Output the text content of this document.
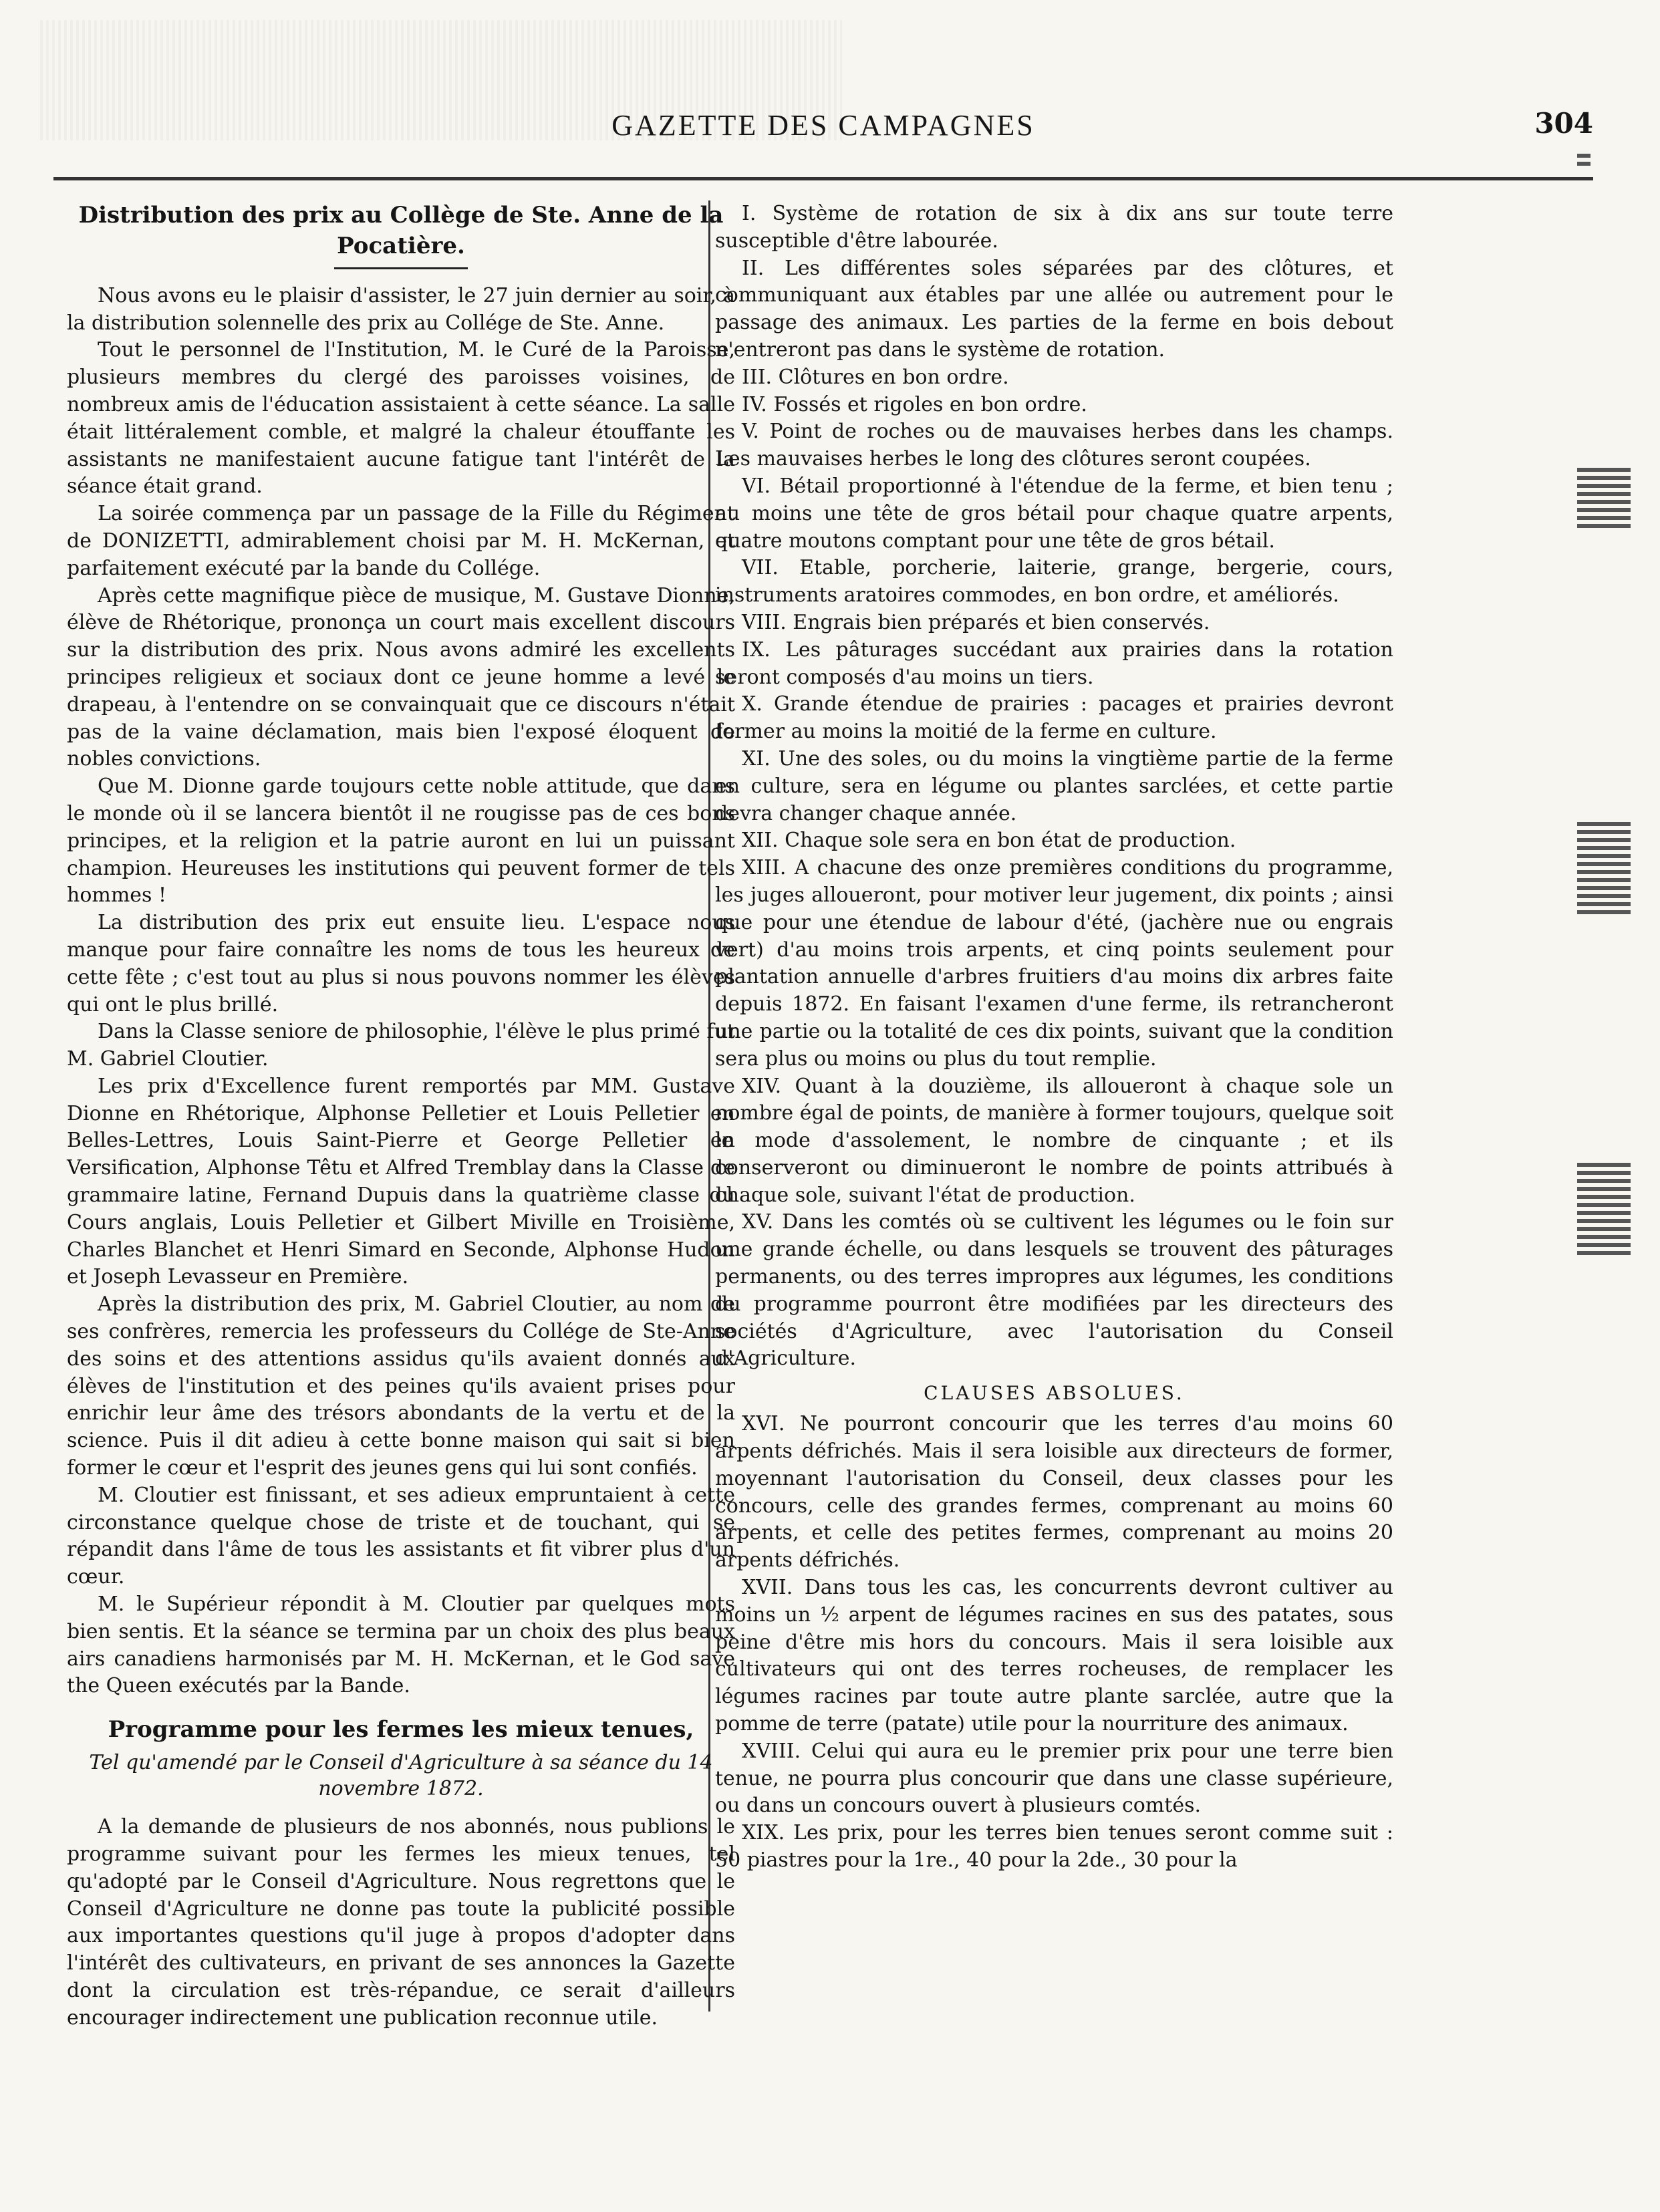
GAZETTE DES CAMPAGNES	304
Distribution des prix au Collège de Ste. Anne de la Pocatière.

Nous avons eu le plaisir d'assister, le 27 juin dernier au soir, à la distribution solennelle des prix au Collége de Ste. Anne.

Tout le personnel de l'Institution, M. le Curé de la Paroisse, plusieurs membres du clergé des paroisses voisines, de nombreux amis de l'éducation assistaient à cette séance. La salle était littéralement comble, et malgré la chaleur étouffante les assistants ne manifestaient aucune fatigue tant l'intérêt de la séance était grand.

La soirée commença par un passage de la Fille du Régiment de DONIZETTI, admirablement choisi par M. H. McKernan, et parfaitement exécuté par la bande du Collége.

Après cette magnifique pièce de musique, M. Gustave Dionne, élève de Rhétorique, prononça un court mais excellent discours sur la distribution des prix. Nous avons admiré les excellents principes religieux et sociaux dont ce jeune homme a levé le drapeau, à l'entendre on se convainquait que ce discours n'était pas de la vaine déclamation, mais bien l'exposé éloquent de nobles convictions.

Que M. Dionne garde toujours cette noble attitude, que dans le monde où il se lancera bientôt il ne rougisse pas de ces bons principes, et la religion et la patrie auront en lui un puissant champion. Heureuses les institutions qui peuvent former de tels hommes !

La distribution des prix eut ensuite lieu. L'espace nous manque pour faire connaître les noms de tous les heureux de cette fête ; c'est tout au plus si nous pouvons nommer les élèves qui ont le plus brillé.

Dans la Classe seniore de philosophie, l'élève le plus primé fut M. Gabriel Cloutier.

Les prix d'Excellence furent remportés par MM. Gustave Dionne en Rhétorique, Alphonse Pelletier et Louis Pelletier en Belles-Lettres, Louis Saint-Pierre et George Pelletier en Versification, Alphonse Têtu et Alfred Tremblay dans la Classe de grammaire latine, Fernand Dupuis dans la quatrième classe du Cours anglais, Louis Pelletier et Gilbert Miville en Troisième, Charles Blanchet et Henri Simard en Seconde, Alphonse Hudon et Joseph Levasseur en Première.

Après la distribution des prix, M. Gabriel Cloutier, au nom de ses confrères, remercia les professeurs du Collége de Ste-Anne des soins et des attentions assidus qu'ils avaient donnés aux élèves de l'institution et des peines qu'ils avaient prises pour enrichir leur âme des trésors abondants de la vertu et de la science. Puis il dit adieu à cette bonne maison qui sait si bien former le cœur et l'esprit des jeunes gens qui lui sont confiés.

M. Cloutier est finissant, et ses adieux empruntaient à cette circonstance quelque chose de triste et de touchant, qui se répandit dans l'âme de tous les assistants et fit vibrer plus d'un cœur.

M. le Supérieur répondit à M. Cloutier par quelques mots bien sentis. Et la séance se termina par un choix des plus beaux airs canadiens harmonisés par M. H. McKernan, et le God save the Queen exécutés par la Bande.

Programme pour les fermes les mieux tenues,
Tel qu'amendé par le Conseil d'Agriculture à sa séance du 14 novembre 1872.

A la demande de plusieurs de nos abonnés, nous publions le programme suivant pour les fermes les mieux tenues, tel qu'adopté par le Conseil d'Agriculture. Nous regrettons que le Conseil d'Agriculture ne donne pas toute la publicité possible aux importantes questions qu'il juge à propos d'adopter dans l'intérêt des cultivateurs, en privant de ses annonces la Gazette dont la circulation est très-répandue, ce serait d'ailleurs encourager indirectement une publication reconnue utile.

I. Système de rotation de six à dix ans sur toute terre susceptible d'être labourée.

II. Les différentes soles séparées par des clôtures, et communiquant aux étables par une allée ou autrement pour le passage des animaux. Les parties de la ferme en bois debout n'entreront pas dans le système de rotation.

III. Clôtures en bon ordre.

IV. Fossés et rigoles en bon ordre.

V. Point de roches ou de mauvaises herbes dans les champs. Les mauvaises herbes le long des clôtures seront coupées.

VI. Bétail proportionné à l'étendue de la ferme, et bien tenu ; au moins une tête de gros bétail pour chaque quatre arpents, quatre moutons comptant pour une tête de gros bétail.

VII. Etable, porcherie, laiterie, grange, bergerie, cours, instruments aratoires commodes, en bon ordre, et améliorés.

VIII. Engrais bien préparés et bien conservés.

IX. Les pâturages succédant aux prairies dans la rotation seront composés d'au moins un tiers.

X. Grande étendue de prairies : pacages et prairies devront former au moins la moitié de la ferme en culture.

XI. Une des soles, ou du moins la vingtième partie de la ferme en culture, sera en légume ou plantes sarclées, et cette partie devra changer chaque année.

XII. Chaque sole sera en bon état de production.

XIII. A chacune des onze premières conditions du programme, les juges alloueront, pour motiver leur jugement, dix points ; ainsi que pour une étendue de labour d'été, (jachère nue ou engrais vert) d'au moins trois arpents, et cinq points seulement pour plantation annuelle d'arbres fruitiers d'au moins dix arbres faite depuis 1872. En faisant l'examen d'une ferme, ils retrancheront une partie ou la totalité de ces dix points, suivant que la condition sera plus ou moins ou plus du tout remplie.

XIV. Quant à la douzième, ils alloueront à chaque sole un nombre égal de points, de manière à former toujours, quelque soit le mode d'assolement, le nombre de cinquante ; et ils conserveront ou diminueront le nombre de points attribués à chaque sole, suivant l'état de production.

XV. Dans les comtés où se cultivent les légumes ou le foin sur une grande échelle, ou dans lesquels se trouvent des pâturages permanents, ou des terres impropres aux légumes, les conditions du programme pourront être modifiées par les directeurs des sociétés d'Agriculture, avec l'autorisation du Conseil d'Agriculture.

CLAUSES ABSOLUES.

XVI. Ne pourront concourir que les terres d'au moins 60 arpents défrichés. Mais il sera loisible aux directeurs de former, moyennant l'autorisation du Conseil, deux classes pour les concours, celle des grandes fermes, comprenant au moins 60 arpents, et celle des petites fermes, comprenant au moins 20 arpents défrichés.

XVII. Dans tous les cas, les concurrents devront cultiver au moins un ½ arpent de légumes racines en sus des patates, sous peine d'être mis hors du concours. Mais il sera loisible aux cultivateurs qui ont des terres rocheuses, de remplacer les légumes racines par toute autre plante sarclée, autre que la pomme de terre (patate) utile pour la nourriture des animaux.

XVIII. Celui qui aura eu le premier prix pour une terre bien tenue, ne pourra plus concourir que dans une classe supérieure, ou dans un concours ouvert à plusieurs comtés.

XIX. Les prix, pour les terres bien tenues seront comme suit : 50 piastres pour la 1re., 40 pour la 2de., 30 pour la
